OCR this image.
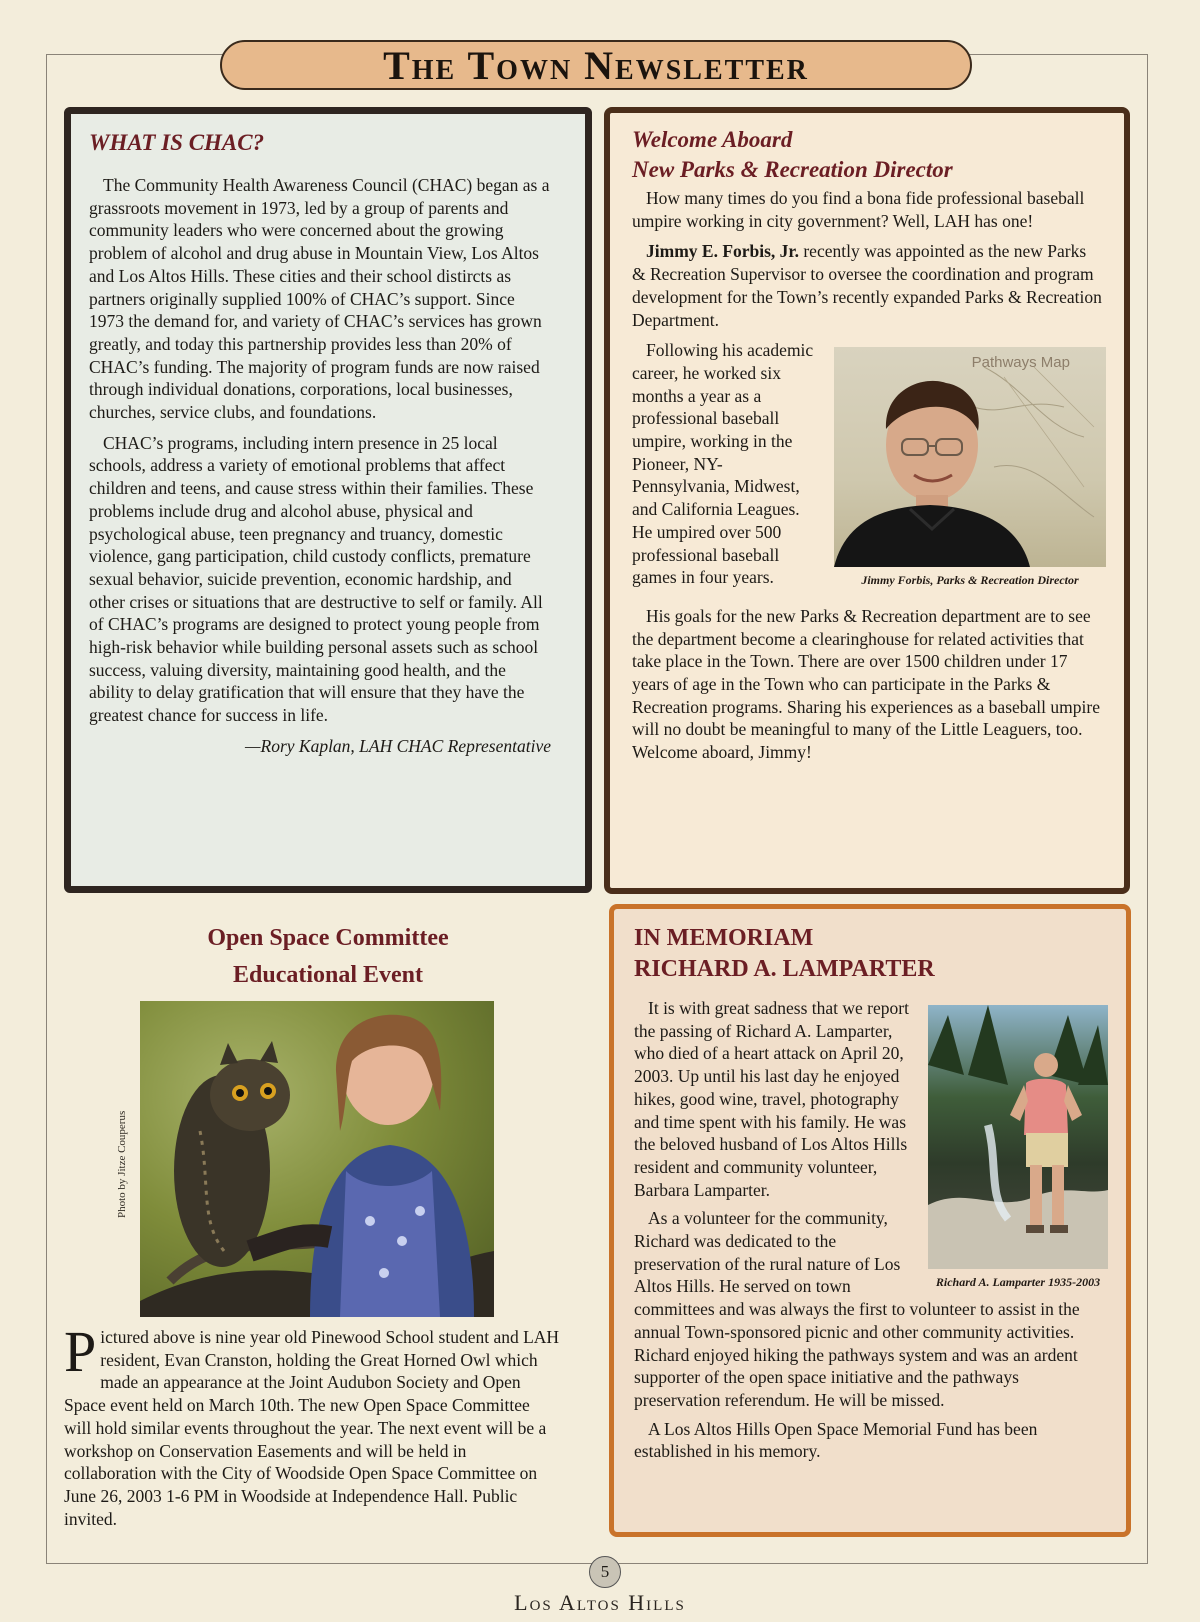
The Town Newsletter
WHAT IS CHAC?

The Community Health Awareness Council (CHAC) began as a grassroots movement in 1973, led by a group of parents and community leaders who were concerned about the growing problem of alcohol and drug abuse in Mountain View, Los Altos and Los Altos Hills. These cities and their school distircts as partners originally supplied 100% of CHAC’s support. Since 1973 the demand for, and variety of CHAC’s services has grown greatly, and today this partnership provides less than 20% of CHAC’s funding. The majority of program funds are now raised through individual donations, corporations, local businesses, churches, service clubs, and foundations.

CHAC’s programs, including intern presence in 25 local schools, address a variety of emotional problems that affect children and teens, and cause stress within their families. These problems include drug and alcohol abuse, physical and psychological abuse, teen pregnancy and truancy, domestic violence, gang participation, child custody conflicts, premature sexual behavior, suicide prevention, economic hardship, and other crises or situations that are destructive to self or family. All of CHAC’s programs are designed to protect young people from high-risk behavior while building personal assets such as school success, valuing diversity, maintaining good health, and the ability to delay gratification that will ensure that they have the greatest chance for success in life.

—Rory Kaplan, LAH CHAC Representative

Welcome Aboard
New Parks & Recreation Director

How many times do you find a bona fide professional baseball umpire working in city government? Well, LAH has one!

Jimmy E. Forbis, Jr. recently was appointed as the new Parks & Recreation Supervisor to oversee the coordination and program development for the Town’s recently expanded Parks & Recreation Department.

Pathways Map
Jimmy Forbis, Parks & Recreation Director

Following his academic career, he worked six months a year as a professional baseball umpire, working in the Pioneer, NY-Pennsylvania, Midwest, and California Leagues. He umpired over 500 professional baseball games in four years.

His goals for the new Parks & Recreation department are to see the department become a clearinghouse for related activities that take place in the Town. There are over 1500 children under 17 years of age in the Town who can participate in the Parks & Recreation programs. Sharing his experiences as a baseball umpire will no doubt be meaningful to many of the Little Leaguers, too. Welcome aboard, Jimmy!

Open Space Committee
Educational Event
Photo by Jitze Couperus

Pictured above is nine year old Pinewood School student and LAH resident, Evan Cranston, holding the Great Horned Owl which made an appearance at the Joint Audubon Society and Open Space event held on March 10th. The new Open Space Committee will hold similar events throughout the year. The next event will be a workshop on Conservation Easements and will be held in collaboration with the City of Woodside Open Space Committee on June 26, 2003 1-6 PM in Woodside at Independence Hall. Public invited.

IN MEMORIAM
RICHARD A. LAMPARTER
Richard A. Lamparter 1935-2003

It is with great sadness that we report the passing of Richard A. Lamparter, who died of a heart attack on April 20, 2003. Up until his last day he enjoyed hikes, good wine, travel, photography and time spent with his family. He was the beloved husband of Los Altos Hills resident and community volunteer, Barbara Lamparter.

As a volunteer for the community, Richard was dedicated to the preservation of the rural nature of Los Altos Hills. He served on town committees and was always the first to volunteer to assist in the annual Town-sponsored picnic and other community activities. Richard enjoyed hiking the pathways system and was an ardent supporter of the open space initiative and the pathways preservation referendum. He will be missed.

A Los Altos Hills Open Space Memorial Fund has been established in his memory.

5
Los Altos Hills
